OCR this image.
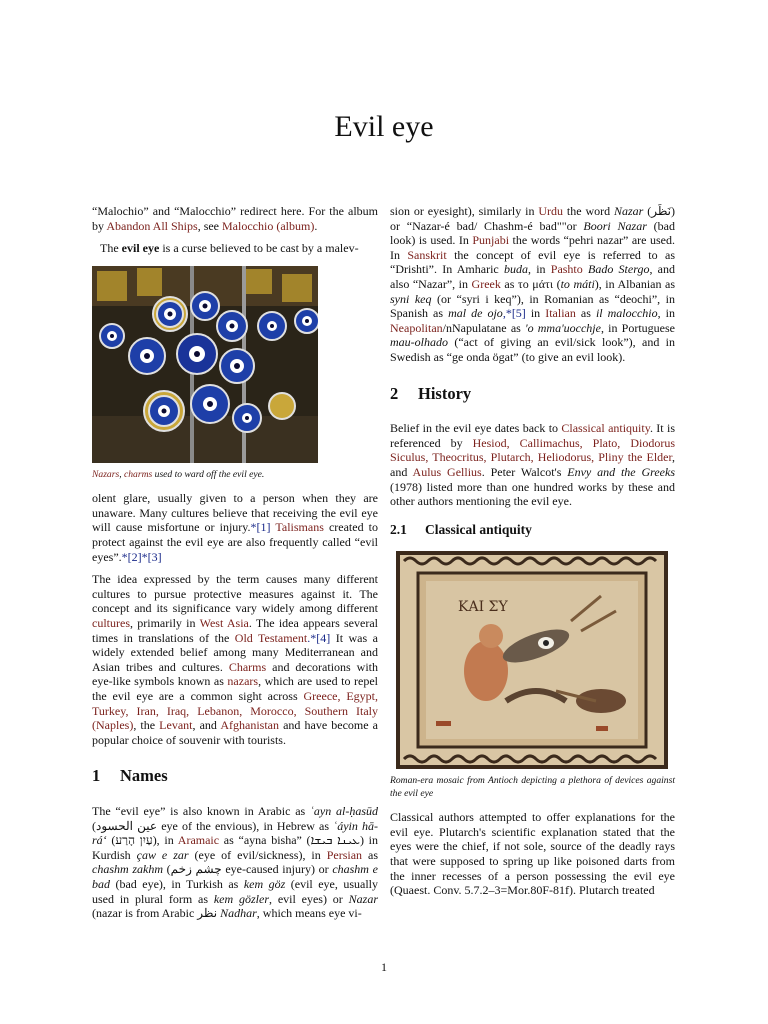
Evil eye

“Malochio” and “Malocchio” redirect here. For the album by Abandon All Ships, see Malocchio (album).

The evil eye is a curse believed to be cast by a malev-

Nazars, charms used to ward off the evil eye.

olent glare, usually given to a person when they are unaware. Many cultures believe that receiving the evil eye will cause misfortune or injury.*[1] Talismans created to protect against the evil eye are also frequently called “evil eyes”.*[2]*[3]

The idea expressed by the term causes many different cultures to pursue protective measures against it. The concept and its significance vary widely among different cultures, primarily in West Asia. The idea appears several times in translations of the Old Testament.*[4] It was a widely extended belief among many Mediterranean and Asian tribes and cultures. Charms and decorations with eye-like symbols known as nazars, which are used to repel the evil eye are a common sight across Greece, Egypt, Turkey, Iran, Iraq, Lebanon, Morocco, Southern Italy (Naples), the Levant, and Afghanistan and have become a popular choice of souvenir with tourists.

1 Names

The “evil eye” is also known in Arabic as ʿayn al-ḥasūd (عين الحسود eye of the envious), in Hebrew as ʿáyin hā-rá‘ (עַיִן הָרַע), in Aramaic as “ayna bisha” (ܥܝܢܐ ܒܝܫܐ) in Kurdish çaw e zar (eye of evil/sickness), in Persian as chashm zakhm (چشم زخم eye-caused injury) or chashm e bad (bad eye), in Turkish as kem göz (evil eye, usually used in plural form as kem gözler, evil eyes) or Nazar (nazar is from Arabic نظر Nadhar, which means eye vi-

sion or eyesight), similarly in Urdu the word Nazar (نَظَر) or “Nazar-é bad/ Chashm-é bad""or Boori Nazar (bad look) is used. In Punjabi the words “pehri nazar” are used. In Sanskrit the concept of evil eye is referred to as “Drishti”. In Amharic buda, in Pashto Bado Stergo, and also “Nazar”, in Greek as το μάτι (to máti), in Albanian as syni keq (or “syri i keq”), in Romanian as “deochi”, in Spanish as mal de ojo,*[5] in Italian as il malocchio, in Neapolitan/nNapulatane as 'o mma'uocchje, in Portuguese mau-olhado (“act of giving an evil/sick look”), and in Swedish as “ge onda ögat” (to give an evil look).

2 History

Belief in the evil eye dates back to Classical antiquity. It is referenced by Hesiod, Callimachus, Plato, Diodorus Siculus, Theocritus, Plutarch, Heliodorus, Pliny the Elder, and Aulus Gellius. Peter Walcot's Envy and the Greeks (1978) listed more than one hundred works by these and other authors mentioning the evil eye.

2.1 Classical antiquity
ΚΑΙ ΣΥ

Roman-era mosaic from Antioch depicting a plethora of devices against the evil eye

Classical authors attempted to offer explanations for the evil eye. Plutarch's scientific explanation stated that the eyes were the chief, if not sole, source of the deadly rays that were supposed to spring up like poisoned darts from the inner recesses of a person possessing the evil eye (Quaest. Conv. 5.7.2–3=Mor.80F-81f). Plutarch treated

1
